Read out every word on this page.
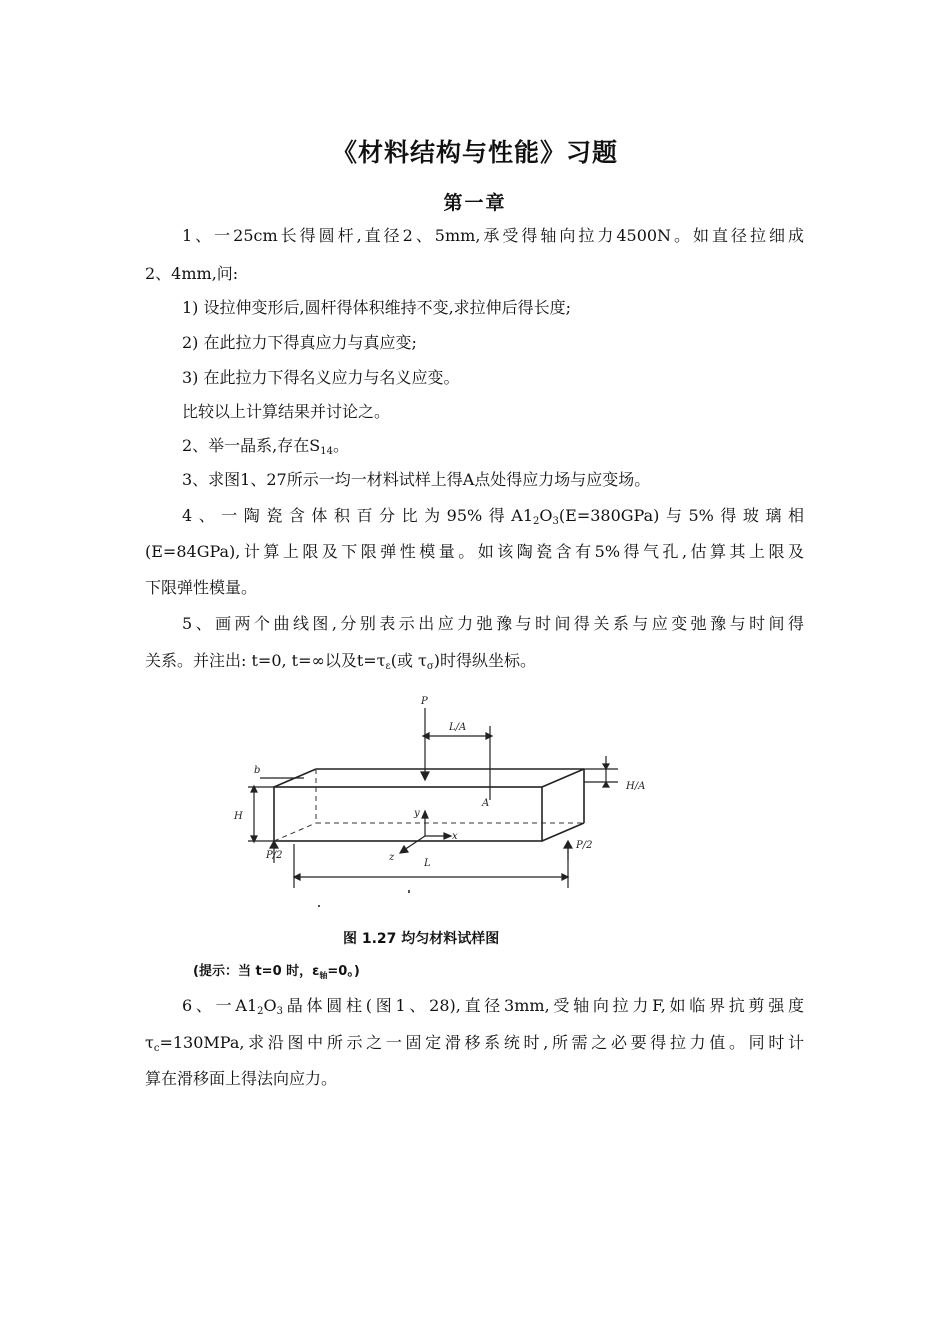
《材料结构与性能》习题
第一章
1、一25cm长得圆杆,直径2、5mm,承受得轴向拉力4500N。如直径拉细成
2、4mm,问:
1) 设拉伸变形后,圆杆得体积维持不变,求拉伸后得长度;
2) 在此拉力下得真应力与真应变;
3) 在此拉力下得名义应力与名义应变。
比较以上计算结果并讨论之。
2、举一晶系,存在$S_{14}$。
3、求图1、27所示一均一材料试样上得A点处得应力场与应变场。
4、一陶瓷含体积百分比为95%得$A1_2O_3(E=380GPa)$与5%得玻璃相
(E=84GPa),计算上限及下限弹性模量。如该陶瓷含有5%得气孔,估算其上限及
下限弹性模量。
5、画两个曲线图,分别表示出应力弛豫与时间得关系与应变弛豫与时间得
关系。并注出: t=0, t=∞以及$t=\tau_\varepsilon$(或 $\tau_\sigma$)时得纵坐标。
P
L/A
b
H/A
H
A
y
x
z
P/2
P/2
L
图 1.27 均匀材料试样图
(提示：当 t=0 时，$\varepsilon_轴=0$。)
6、一$A1_2O_3$晶体圆柱(图1、28),直径3mm,受轴向拉力F,如临界抗剪强度
$\tau_c=130MPa$,求沿图中所示之一固定滑移系统时,所需之必要得拉力值。同时计
算在滑移面上得法向应力。
